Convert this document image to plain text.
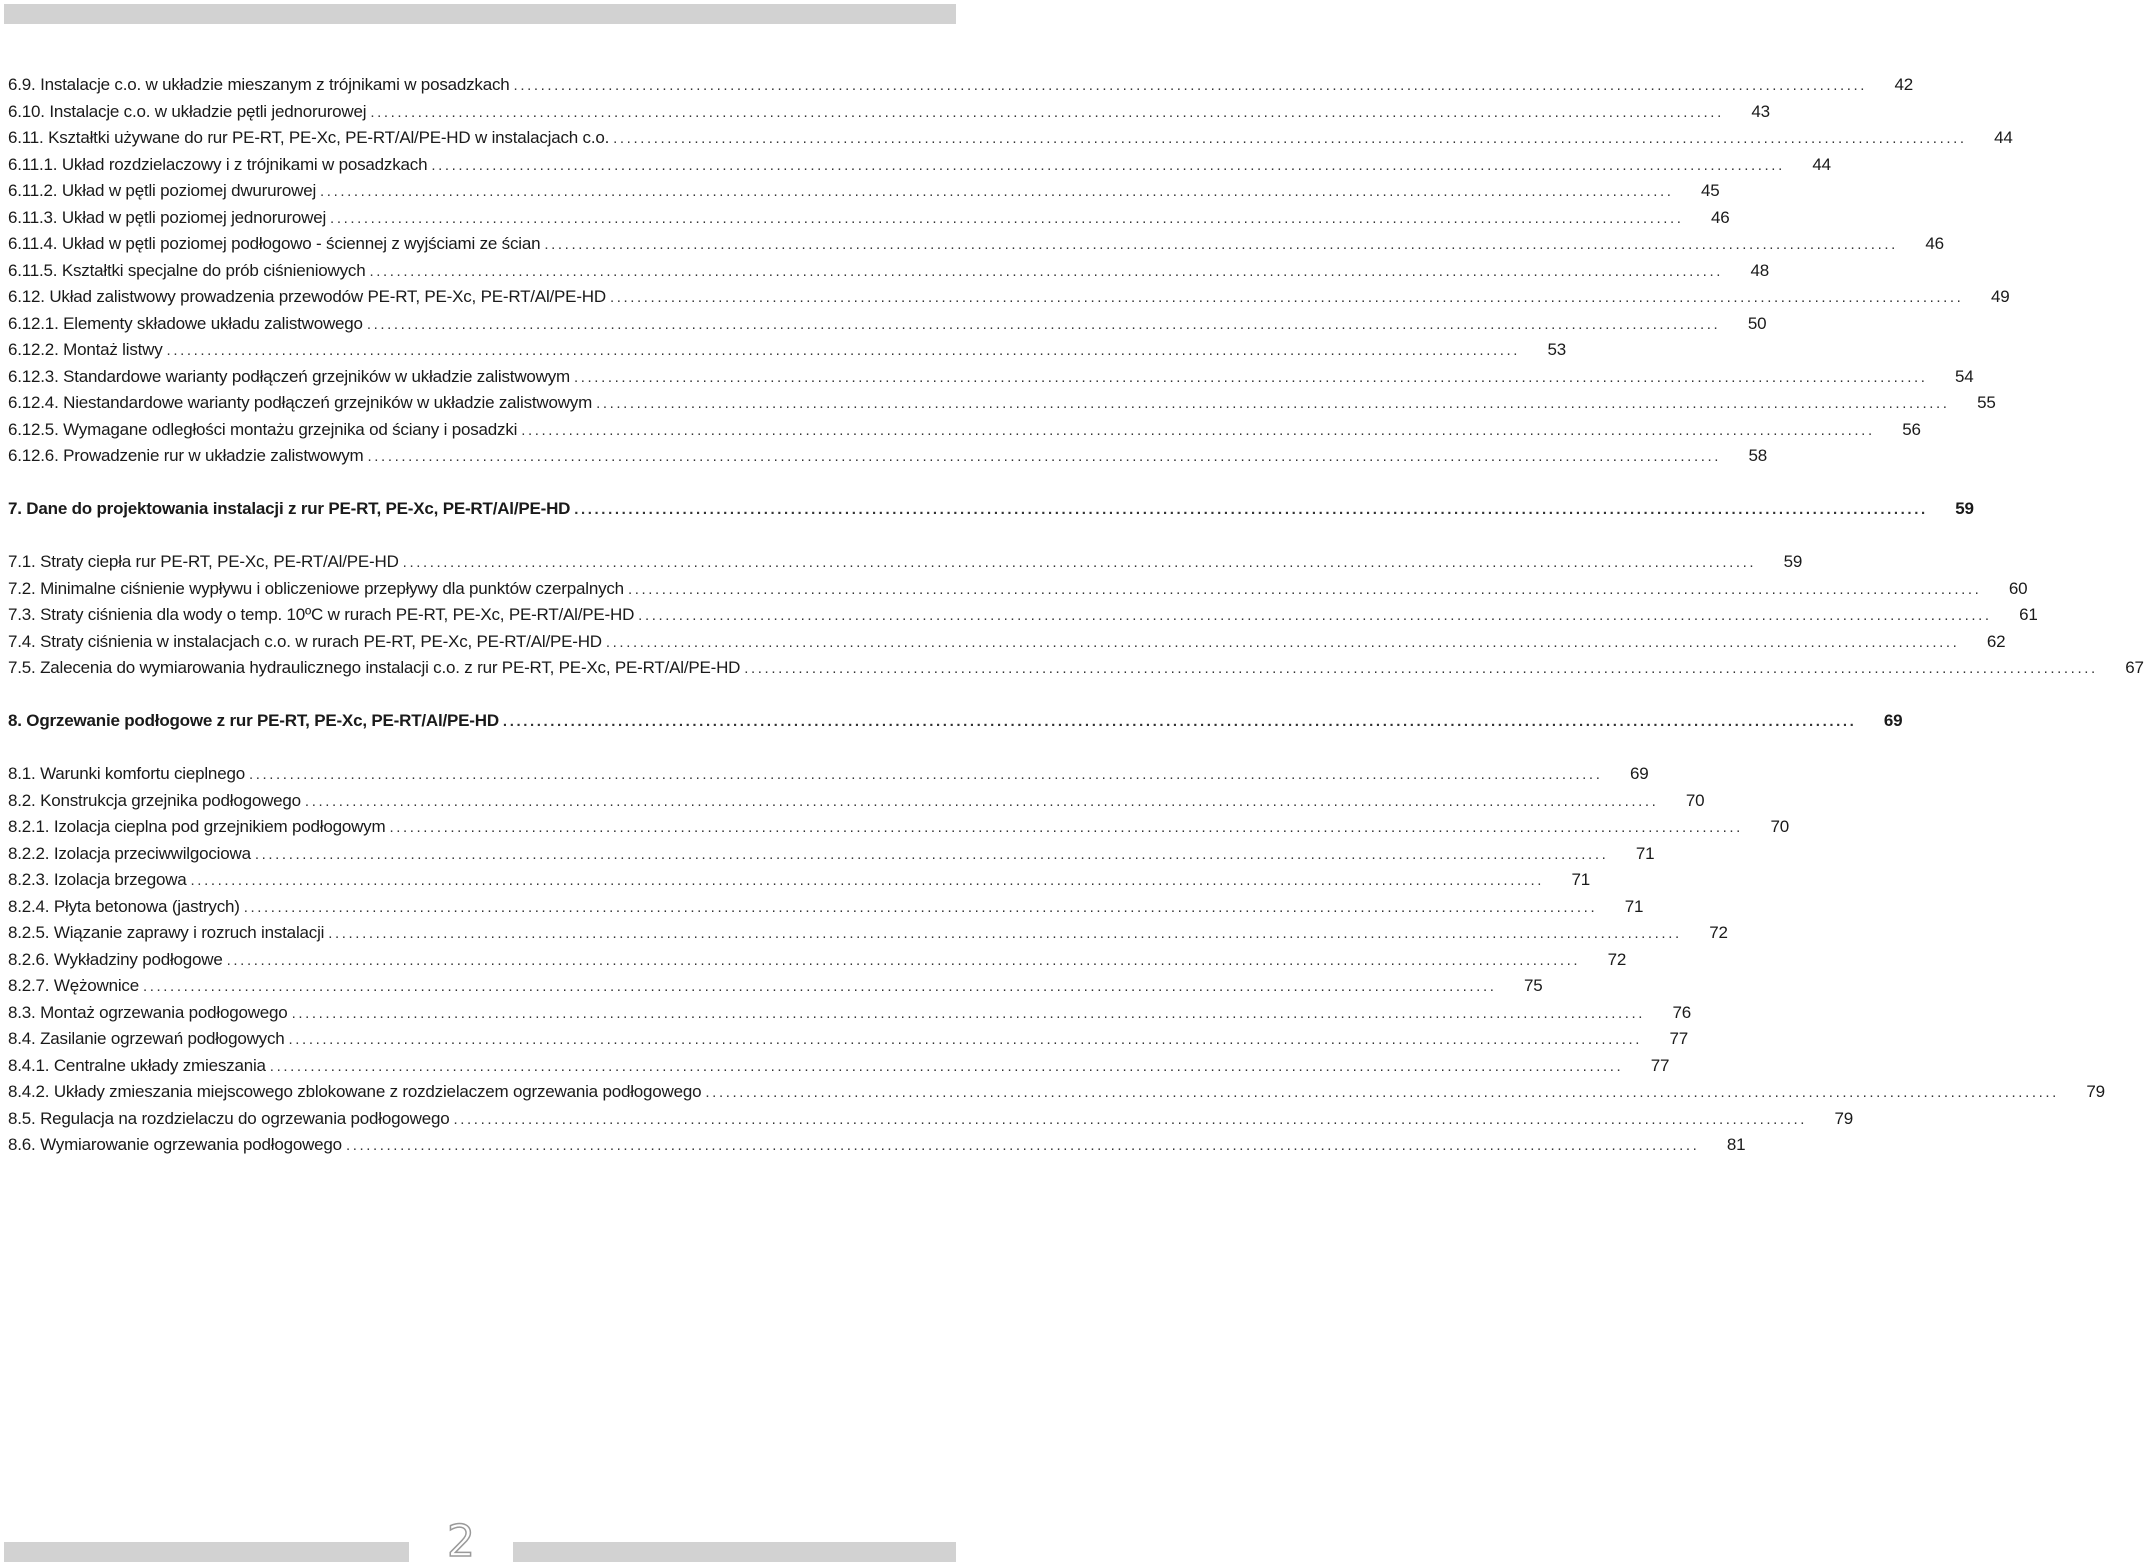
6.9. Instalacje c.o. w układzie mieszanym z trójnikami w posadzkach ........................................................................................................................................................................................................	42
6.10. Instalacje c.o. w układzie pętli jednorurowej ........................................................................................................................................................................................................	43
6.11. Kształtki używane do rur PE-RT, PE-Xc, PE-RT/Al/PE-HD w instalacjach c.o. ........................................................................................................................................................................................................	44
6.11.1. Układ rozdzielaczowy i z trójnikami w posadzkach ........................................................................................................................................................................................................	44
6.11.2. Układ w pętli poziomej dwururowej ........................................................................................................................................................................................................	45
6.11.3. Układ w pętli poziomej jednorurowej ........................................................................................................................................................................................................	46
6.11.4. Układ w pętli poziomej podłogowo - ściennej z wyjściami ze ścian ........................................................................................................................................................................................................	46
6.11.5. Kształtki specjalne do prób ciśnieniowych ........................................................................................................................................................................................................	48
6.12. Układ zalistwowy prowadzenia przewodów PE-RT, PE-Xc, PE-RT/Al/PE-HD ........................................................................................................................................................................................................	49
6.12.1. Elementy składowe układu zalistwowego ........................................................................................................................................................................................................	50
6.12.2. Montaż listwy ........................................................................................................................................................................................................	53
6.12.3. Standardowe warianty podłączeń grzejników w układzie zalistwowym ........................................................................................................................................................................................................	54
6.12.4. Niestandardowe warianty podłączeń grzejników w układzie zalistwowym ........................................................................................................................................................................................................	55
6.12.5. Wymagane odległości montażu grzejnika od ściany i posadzki ........................................................................................................................................................................................................	56
6.12.6. Prowadzenie rur w układzie zalistwowym ........................................................................................................................................................................................................	58
7. Dane do projektowania instalacji z rur PE-RT, PE-Xc, PE-RT/Al/PE-HD ........................................................................................................................................................................................................	59
7.1. Straty ciepła rur PE-RT, PE-Xc, PE-RT/Al/PE-HD ........................................................................................................................................................................................................	59
7.2. Minimalne ciśnienie wypływu i obliczeniowe przepływy dla punktów czerpalnych ........................................................................................................................................................................................................	60
7.3. Straty ciśnienia dla wody o temp. 10ºC w rurach PE-RT, PE-Xc, PE-RT/Al/PE-HD ........................................................................................................................................................................................................	61
7.4. Straty ciśnienia w instalacjach c.o. w rurach PE-RT, PE-Xc, PE-RT/Al/PE-HD ........................................................................................................................................................................................................	62
7.5. Zalecenia do wymiarowania hydraulicznego instalacji c.o. z rur PE-RT, PE-Xc, PE-RT/Al/PE-HD ........................................................................................................................................................................................................	67
8. Ogrzewanie podłogowe z rur PE-RT, PE-Xc, PE-RT/Al/PE-HD ........................................................................................................................................................................................................	69
8.1. Warunki komfortu cieplnego ........................................................................................................................................................................................................	69
8.2. Konstrukcja grzejnika podłogowego ........................................................................................................................................................................................................	70
8.2.1. Izolacja cieplna pod grzejnikiem podłogowym ........................................................................................................................................................................................................	70
8.2.2. Izolacja przeciwwilgociowa ........................................................................................................................................................................................................	71
8.2.3. Izolacja brzegowa ........................................................................................................................................................................................................	71
8.2.4. Płyta betonowa (jastrych) ........................................................................................................................................................................................................	71
8.2.5. Wiązanie zaprawy i rozruch instalacji ........................................................................................................................................................................................................	72
8.2.6. Wykładziny podłogowe ........................................................................................................................................................................................................	72
8.2.7. Wężownice ........................................................................................................................................................................................................	75
8.3. Montaż ogrzewania podłogowego ........................................................................................................................................................................................................	76
8.4. Zasilanie ogrzewań podłogowych ........................................................................................................................................................................................................	77
8.4.1. Centralne układy zmieszania ........................................................................................................................................................................................................	77
8.4.2. Układy zmieszania miejscowego zblokowane z rozdzielaczem ogrzewania podłogowego ........................................................................................................................................................................................................	79
8.5. Regulacja na rozdzielaczu do ogrzewania podłogowego ........................................................................................................................................................................................................	79
8.6. Wymiarowanie ogrzewania podłogowego ........................................................................................................................................................................................................	81
2
